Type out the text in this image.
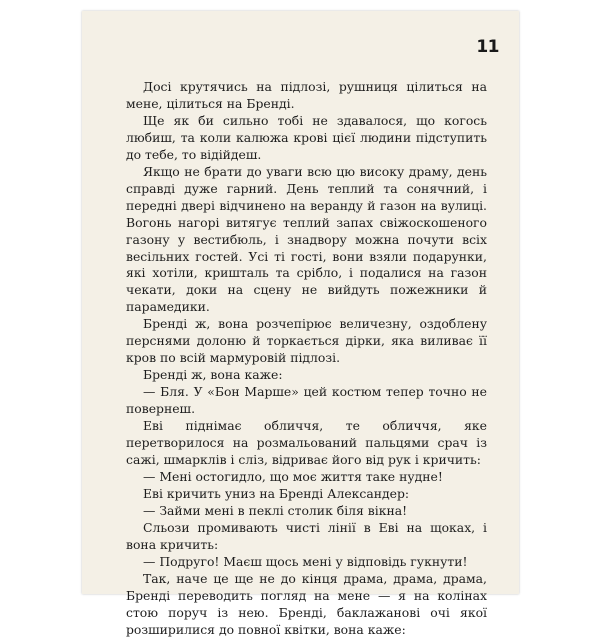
11

Досі крутячись на підлозі, рушниця цілиться на мене, цілиться на Бренді.

Ще як би сильно тобі не здавалося, що когось любиш, та коли калюжа крові цієї людини підступить до тебе, то відійдеш.

Якщо не брати до уваги всю цю високу драму, день справді дуже гарний. День теплий та сонячний, і передні двері відчинено на веранду й газон на вулиці. Вогонь нагорі витягує теплий запах свіжоскошеного газону у вестибюль, і знадвору можна почути всіх весільних гостей. Усі ті гості, вони взяли подарунки, які хотіли, кришталь та срібло, і подалися на газон чекати, доки на сцену не вийдуть пожежники й парамедики.

Бренді ж, вона розчепірює величезну, оздоблену перснями долоню й торкається дірки, яка виливає її кров по всій мармуровій підлозі.

Бренді ж, вона каже:

— Бля. У «Бон Марше» цей костюм тепер точно не повернеш.

Еві піднімає обличчя, те обличчя, яке перетворилося на розмальований пальцями срач із сажі, шмарклів і сліз, відриває його від рук і кричить:

— Мені остогидло, що моє життя таке нудне!

Еві кричить униз на Бренді Александер:

— Займи мені в пеклі столик біля вікна!

Сльози промивають чисті лінії в Еві на щоках, і вона кричить:

— Подруго! Маєш щось мені у відповідь гукнути!

Так, наче це ще не до кінця драма, драма, драма, Бренді переводить погляд на мене — я на колінах стою поруч із нею. Бренді, баклажанові очі якої розширилися до повної квітки, вона каже:
